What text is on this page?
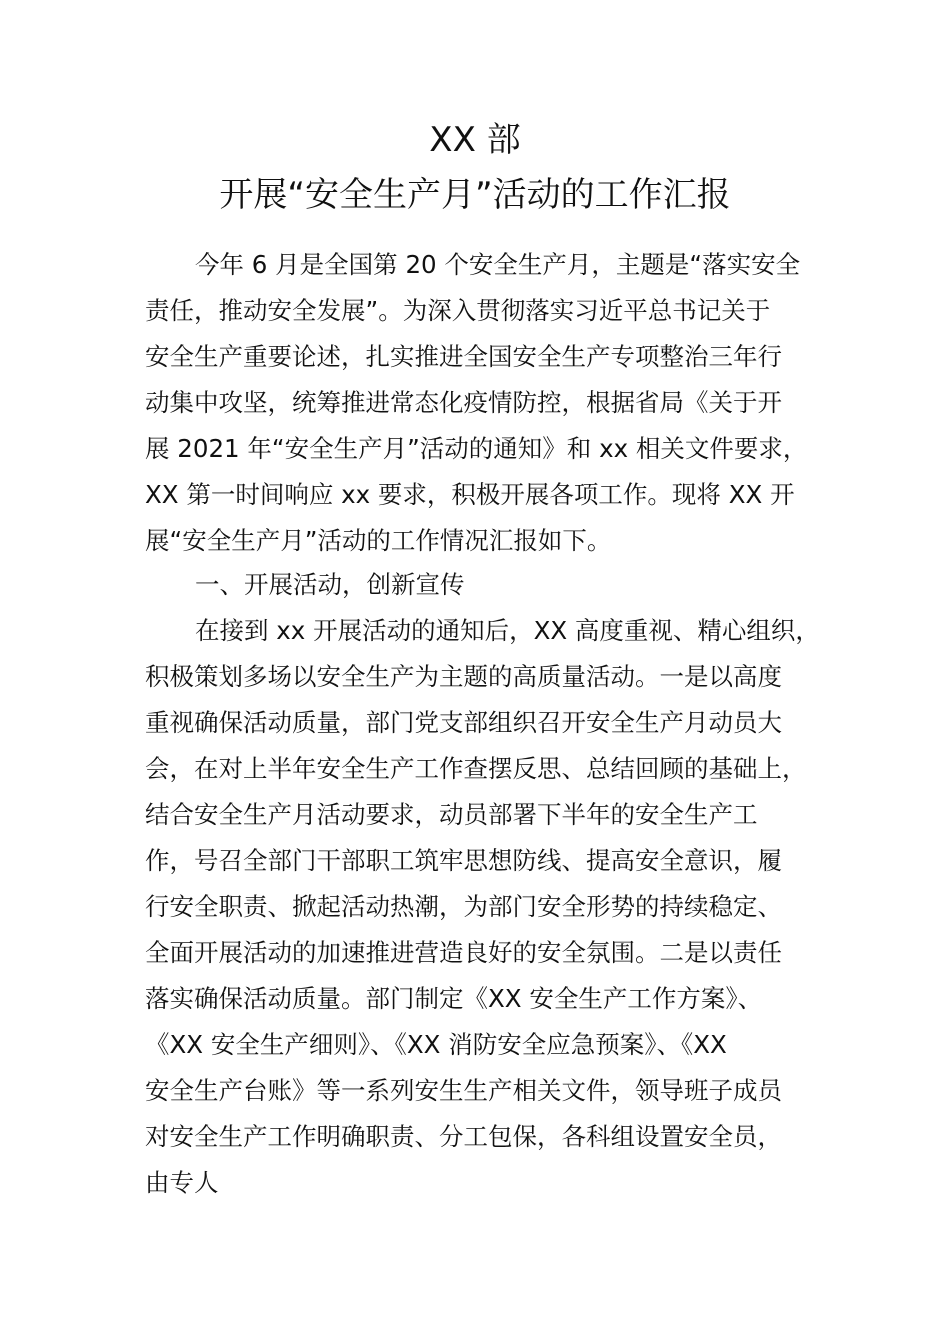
XX 部
开展“安全生产月”活动的工作汇报
今年 6 月是全国第 20 个安全生产月，主题是“落实安全
责任，推动安全发展”。为深入贯彻落实习近平总书记关于
安全生产重要论述，扎实推进全国安全生产专项整治三年行
动集中攻坚，统筹推进常态化疫情防控，根据省局《关于开
展 2021 年“安全生产月”活动的通知》和 xx 相关文件要求，
XX 第一时间响应 xx 要求，积极开展各项工作。现将 XX 开
展“安全生产月”活动的工作情况汇报如下。
一、开展活动，创新宣传
在接到 xx 开展活动的通知后，XX 高度重视、精心组织，
积极策划多场以安全生产为主题的高质量活动。一是以高度
重视确保活动质量，部门党支部组织召开安全生产月动员大
会，在对上半年安全生产工作查摆反思、总结回顾的基础上，
结合安全生产月活动要求，动员部署下半年的安全生产工
作，号召全部门干部职工筑牢思想防线、提高安全意识，履
行安全职责、掀起活动热潮，为部门安全形势的持续稳定、
全面开展活动的加速推进营造良好的安全氛围。二是以责任
落实确保活动质量。部门制定《XX 安全生产工作方案》、
《XX 安全生产细则》、《XX 消防安全应急预案》、《XX
安全生产台账》等一系列安生生产相关文件，领导班子成员
对安全生产工作明确职责、分工包保，各科组设置安全员，
由专人
